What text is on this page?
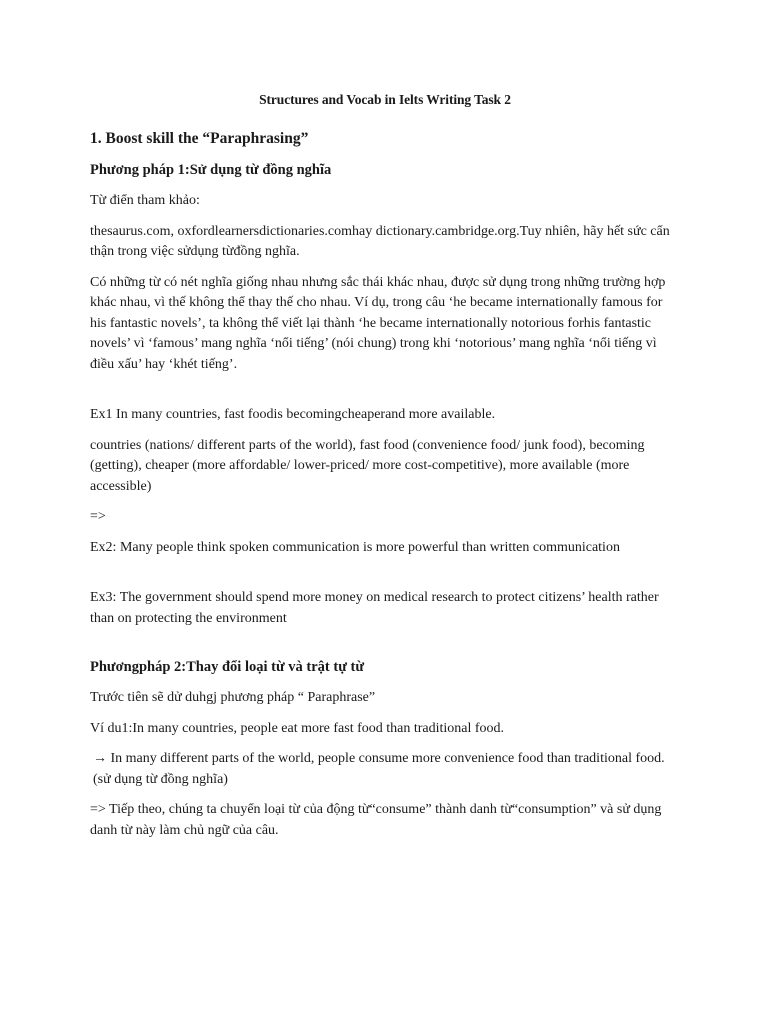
Structures and Vocab in Ielts Writing Task 2
1. Boost skill the “Paraphrasing”
Phương pháp 1:Sử dụng từ đồng nghĩa

Từ điển tham khảo:

thesaurus.com, oxfordlearnersdictionaries.comhay dictionary.cambridge.org.Tuy nhiên, hãy hết sức cẩn thận trong việc sửdụng từđồng nghĩa.

Có những từ có nét nghĩa giống nhau nhưng sắc thái khác nhau, được sử dụng trong những trường hợp khác nhau, vì thế không thể thay thế cho nhau. Ví dụ, trong câu ‘he became internationally famous for his fantastic novels’, ta không thể viết lại thành ‘he became internationally notorious forhis fantastic novels’ vì ‘famous’ mang nghĩa ‘nổi tiếng’ (nói chung) trong khi ‘notorious’ mang nghĩa ‘nổi tiếng vì điều xấu’ hay ‘khét tiếng’.

Ex1 In many countries, fast foodis becomingcheaperand more available.

countries (nations/ different parts of the world), fast food (convenience food/ junk food), becoming (getting), cheaper (more affordable/ lower-priced/ more cost-competitive), more available (more accessible)

=>

Ex2: Many people think spoken communication is more powerful than written communication

Ex3: The government should spend more money on medical research to protect citizens’ health rather than on protecting the environment

Phươngpháp 2:Thay đổi loại từ và trật tự từ

Trước tiên sẽ dử duhgj phương pháp “ Paraphrase”

Ví du1:In many countries, people eat more fast food than traditional food.

→ In many different parts of the world, people consume more convenience food than traditional food.(sử dụng từ đồng nghĩa)

=> Tiếp theo, chúng ta chuyển loại từ của động từ“consume” thành danh từ“consumption” và sử dụng danh từ này làm chủ ngữ của câu.
